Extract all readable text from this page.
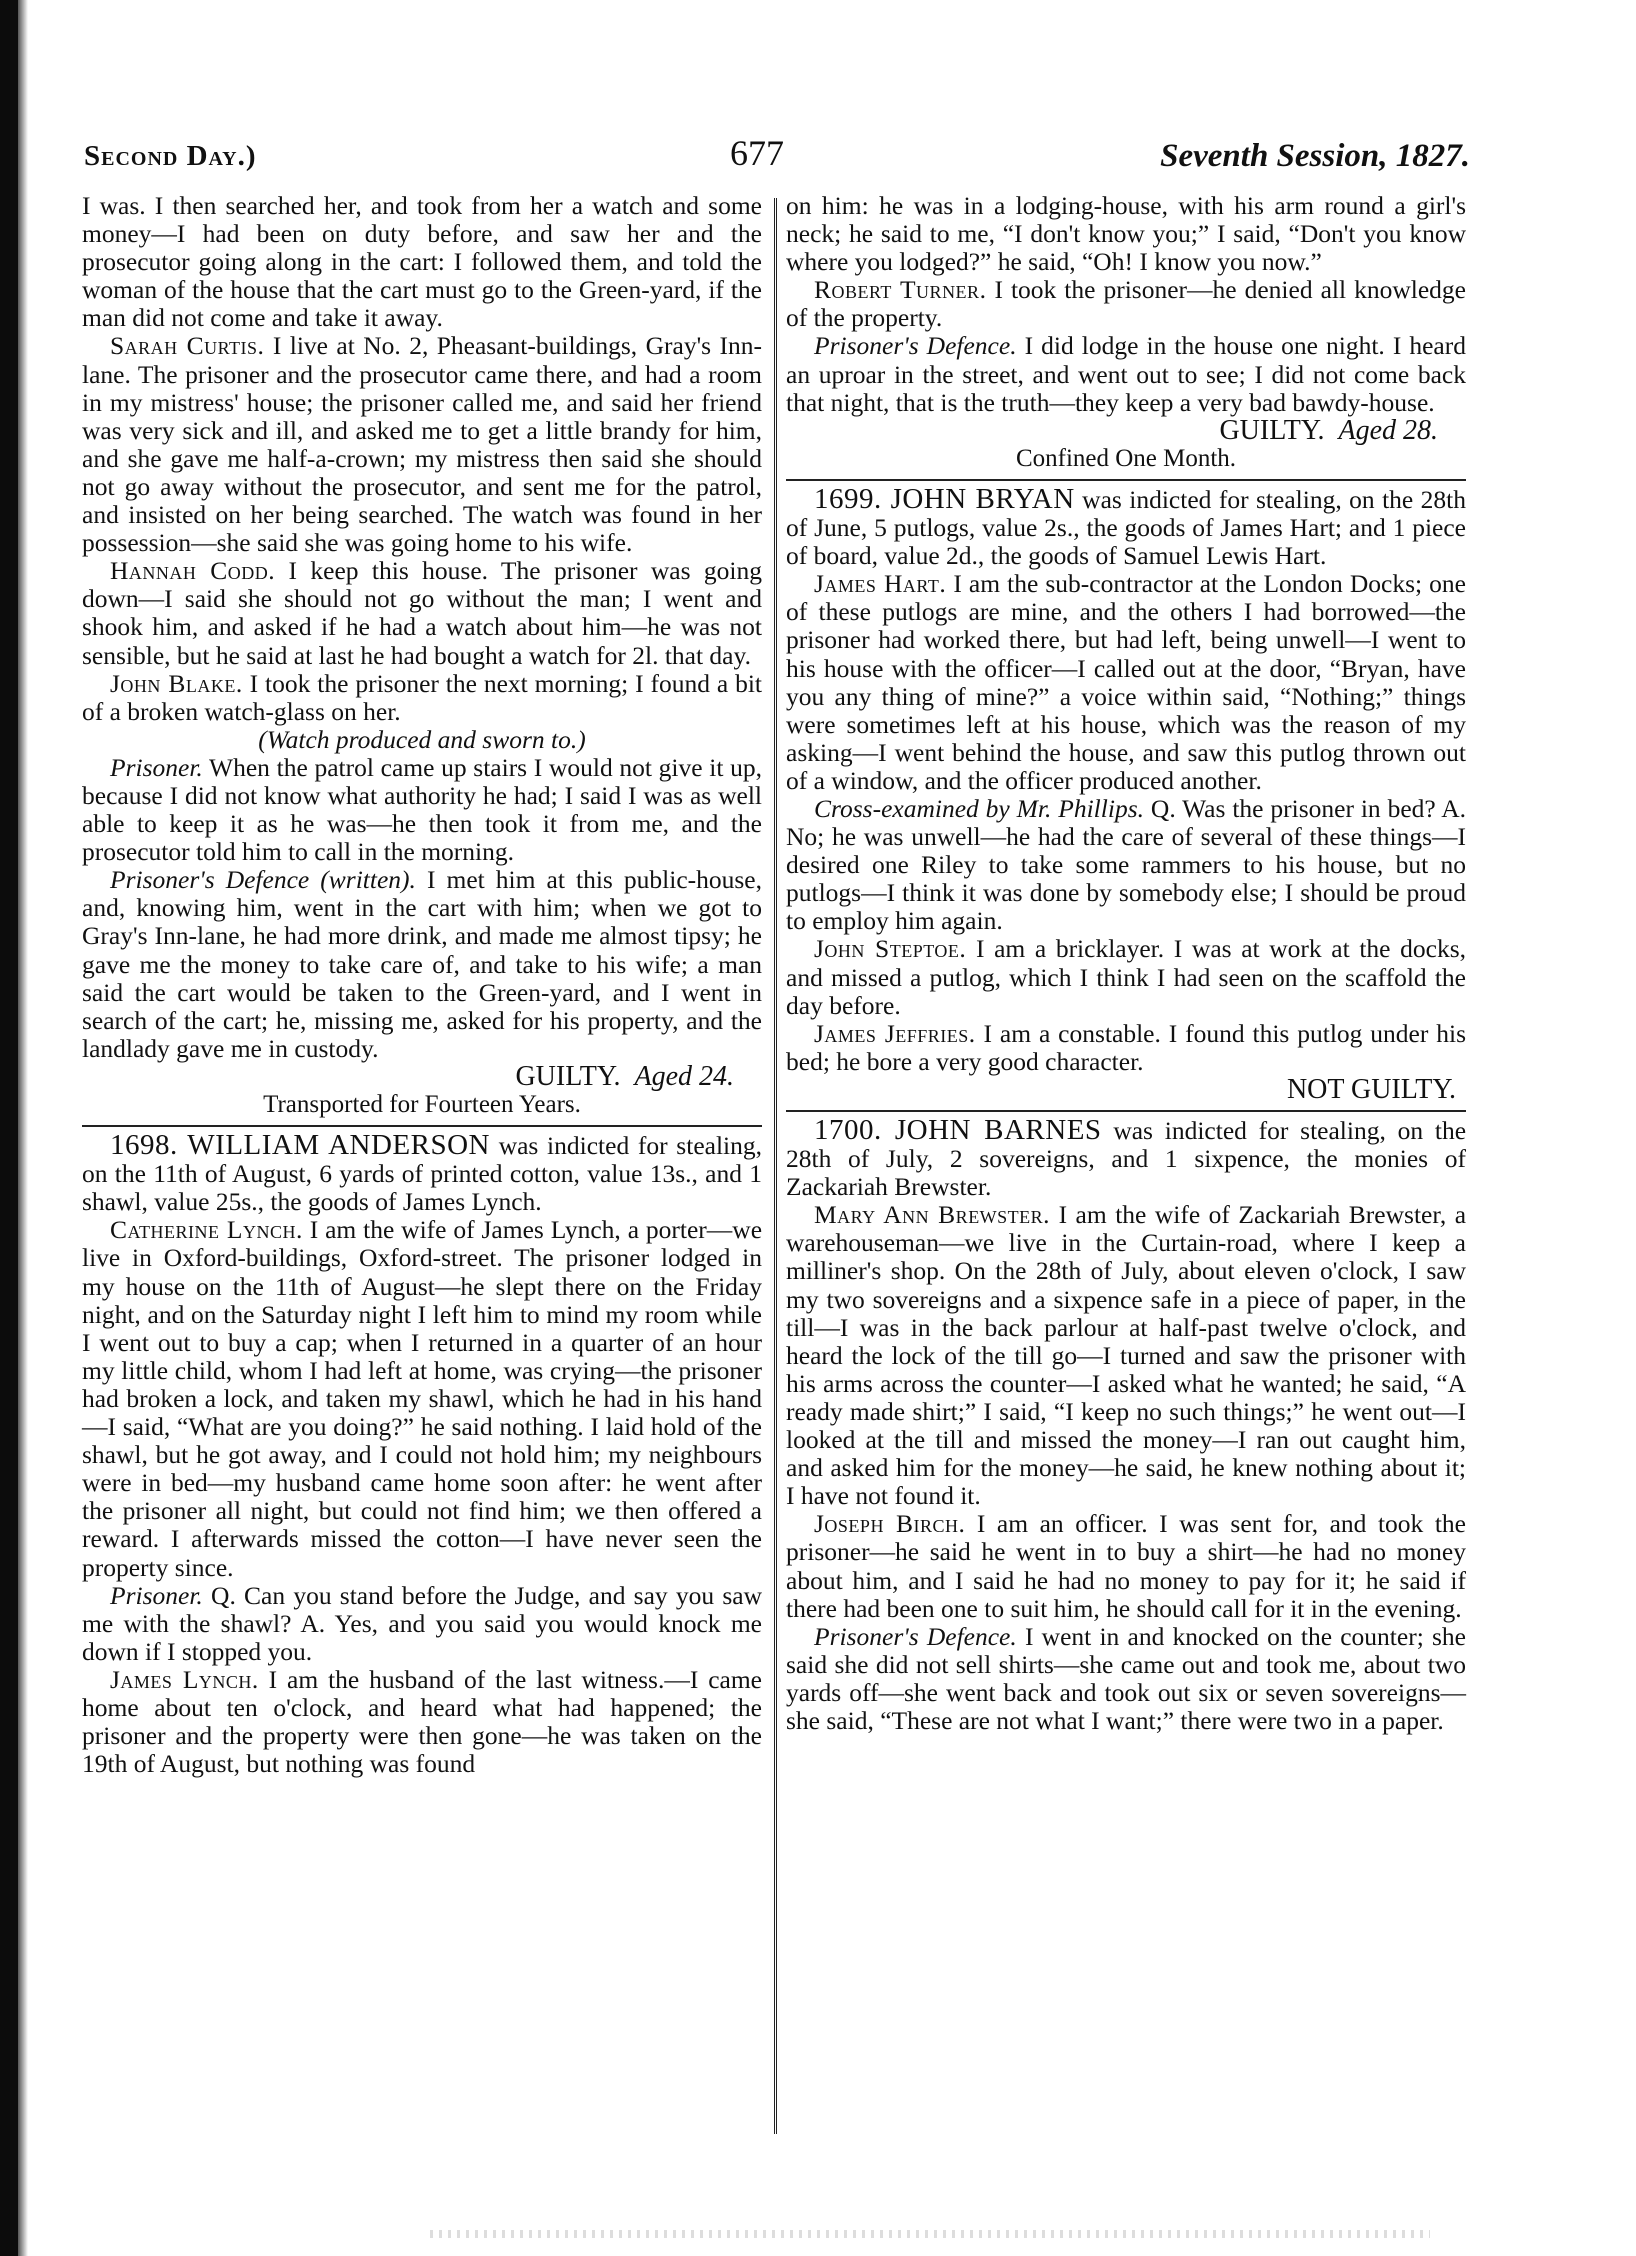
Second Day.)	677	Seventh Session, 1827.

I was. I then searched her, and took from her a watch and some money—I had been on duty before, and saw her and the prosecutor going along in the cart: I followed them, and told the woman of the house that the cart must go to the Green-yard, if the man did not come and take it away.

Sarah Curtis. I live at No. 2, Pheasant-buildings, Gray's Inn-lane. The prisoner and the prosecutor came there, and had a room in my mistress' house; the prisoner called me, and said her friend was very sick and ill, and asked me to get a little brandy for him, and she gave me half-a-crown; my mistress then said she should not go away without the prosecutor, and sent me for the patrol, and insisted on her being searched. The watch was found in her possession—she said she was going home to his wife.

Hannah Codd. I keep this house. The prisoner was going down—I said she should not go without the man; I went and shook him, and asked if he had a watch about him—he was not sensible, but he said at last he had bought a watch for 2l. that day.

John Blake. I took the prisoner the next morning; I found a bit of a broken watch-glass on her.

(Watch produced and sworn to.)

Prisoner. When the patrol came up stairs I would not give it up, because I did not know what authority he had; I said I was as well able to keep it as he was—he then took it from me, and the prosecutor told him to call in the morning.

Prisoner's Defence (written). I met him at this public-house, and, knowing him, went in the cart with him; when we got to Gray's Inn-lane, he had more drink, and made me almost tipsy; he gave me the money to take care of, and take to his wife; a man said the cart would be taken to the Green-yard, and I went in search of the cart; he, missing me, asked for his property, and the landlady gave me in custody.

GUILTY. Aged 24.

Transported for Fourteen Years.

1698. WILLIAM ANDERSON was indicted for stealing, on the 11th of August, 6 yards of printed cotton, value 13s., and 1 shawl, value 25s., the goods of James Lynch.

Catherine Lynch. I am the wife of James Lynch, a porter—we live in Oxford-buildings, Oxford-street. The prisoner lodged in my house on the 11th of August—he slept there on the Friday night, and on the Saturday night I left him to mind my room while I went out to buy a cap; when I returned in a quarter of an hour my little child, whom I had left at home, was crying—the prisoner had broken a lock, and taken my shawl, which he had in his hand—I said, “What are you doing?” he said nothing. I laid hold of the shawl, but he got away, and I could not hold him; my neighbours were in bed—my husband came home soon after: he went after the prisoner all night, but could not find him; we then offered a reward. I afterwards missed the cotton—I have never seen the property since.

Prisoner. Q. Can you stand before the Judge, and say you saw me with the shawl? A. Yes, and you said you would knock me down if I stopped you.

James Lynch. I am the husband of the last witness.—I came home about ten o'clock, and heard what had happened; the prisoner and the property were then gone—he was taken on the 19th of August, but nothing was found

on him: he was in a lodging-house, with his arm round a girl's neck; he said to me, “I don't know you;” I said, “Don't you know where you lodged?” he said, “Oh! I know you now.”

Robert Turner. I took the prisoner—he denied all knowledge of the property.

Prisoner's Defence. I did lodge in the house one night. I heard an uproar in the street, and went out to see; I did not come back that night, that is the truth—they keep a very bad bawdy-house.

GUILTY. Aged 28.

Confined One Month.

1699. JOHN BRYAN was indicted for stealing, on the 28th of June, 5 putlogs, value 2s., the goods of James Hart; and 1 piece of board, value 2d., the goods of Samuel Lewis Hart.

James Hart. I am the sub-contractor at the London Docks; one of these putlogs are mine, and the others I had borrowed—the prisoner had worked there, but had left, being unwell—I went to his house with the officer—I called out at the door, “Bryan, have you any thing of mine?” a voice within said, “Nothing;” things were sometimes left at his house, which was the reason of my asking—I went behind the house, and saw this putlog thrown out of a window, and the officer produced another.

Cross-examined by Mr. Phillips. Q. Was the prisoner in bed? A. No; he was unwell—he had the care of several of these things—I desired one Riley to take some rammers to his house, but no putlogs—I think it was done by somebody else; I should be proud to employ him again.

John Steptoe. I am a bricklayer. I was at work at the docks, and missed a putlog, which I think I had seen on the scaffold the day before.

James Jeffries. I am a constable. I found this putlog under his bed; he bore a very good character.

NOT GUILTY.

1700. JOHN BARNES was indicted for stealing, on the 28th of July, 2 sovereigns, and 1 sixpence, the monies of Zackariah Brewster.

Mary Ann Brewster. I am the wife of Zackariah Brewster, a warehouseman—we live in the Curtain-road, where I keep a milliner's shop. On the 28th of July, about eleven o'clock, I saw my two sovereigns and a sixpence safe in a piece of paper, in the till—I was in the back parlour at half-past twelve o'clock, and heard the lock of the till go—I turned and saw the prisoner with his arms across the counter—I asked what he wanted; he said, “A ready made shirt;” I said, “I keep no such things;” he went out—I looked at the till and missed the money—I ran out caught him, and asked him for the money—he said, he knew nothing about it; I have not found it.

Joseph Birch. I am an officer. I was sent for, and took the prisoner—he said he went in to buy a shirt—he had no money about him, and I said he had no money to pay for it; he said if there had been one to suit him, he should call for it in the evening.

Prisoner's Defence. I went in and knocked on the counter; she said she did not sell shirts—she came out and took me, about two yards off—she went back and took out six or seven sovereigns—she said, “These are not what I want;” there were two in a paper.
